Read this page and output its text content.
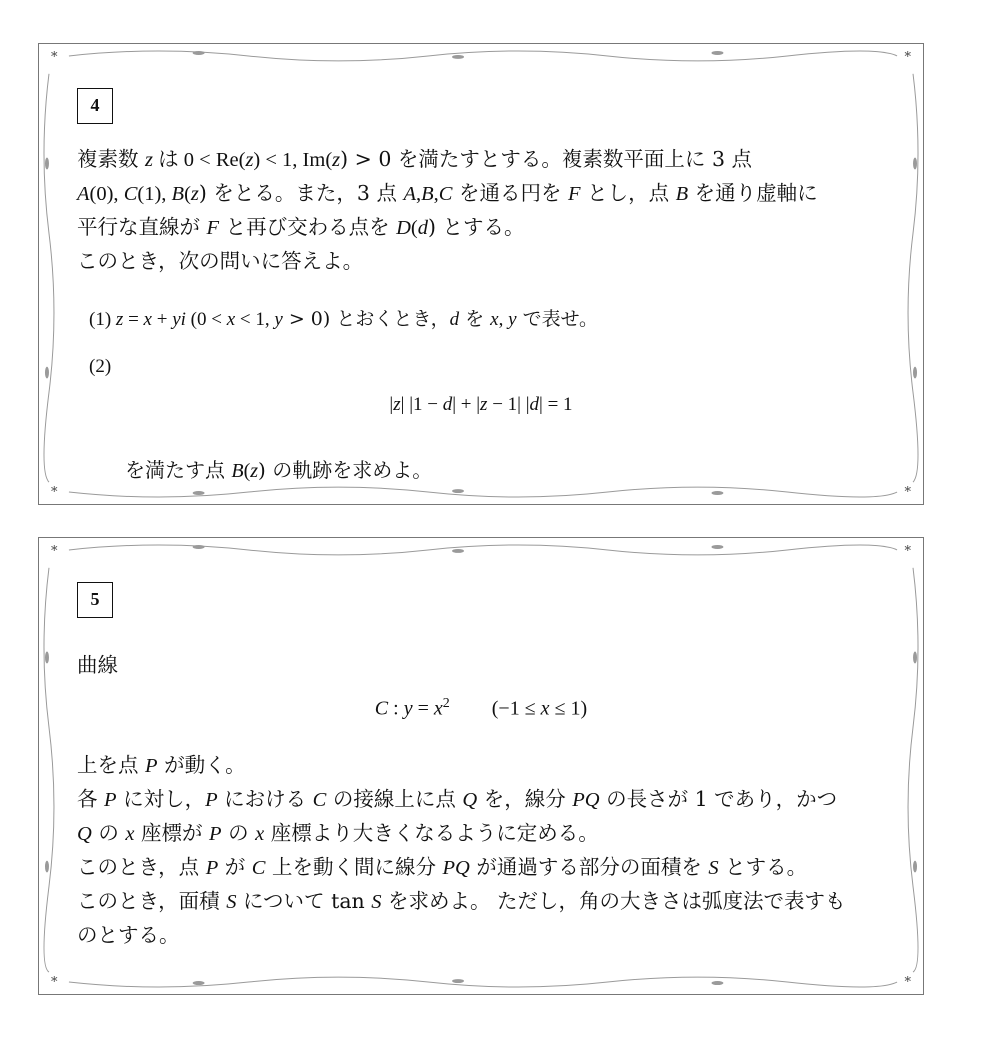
*	*
*	*
4

複素数 z は 0 < Re(z) < 1, Im(z) > 0 を満たすとする。複素数平面上に 3 点
A(0), C(1), B(z) をとる。また，3 点 A,B,C を通る円を F とし，点 B を通り虚軸に
平行な直線が F と再び交わる点を D(d) とする。
このとき，次の問いに答えよ。

(1) z = x + yi (0 < x < 1, y > 0) とおくとき，d を x, y で表せ。
(2)
|z| |1 − d| + |z − 1| |d| = 1
を満たす点 B(z) の軌跡を求めよ。
*	*
*	*
5

曲線

C : $y = x^2$ (−1 ≤ x ≤ 1)

上を点 P が動く。
各 P に対し，P における C の接線上に点 Q を，線分 PQ の長さが 1 であり，かつ
Q の x 座標が P の x 座標より大きくなるように定める。
このとき，点 P が C 上を動く間に線分 PQ が通過する部分の面積を S とする。
このとき，面積 S について tan S を求めよ。 ただし，角の大きさは弧度法で表すも
のとする。
